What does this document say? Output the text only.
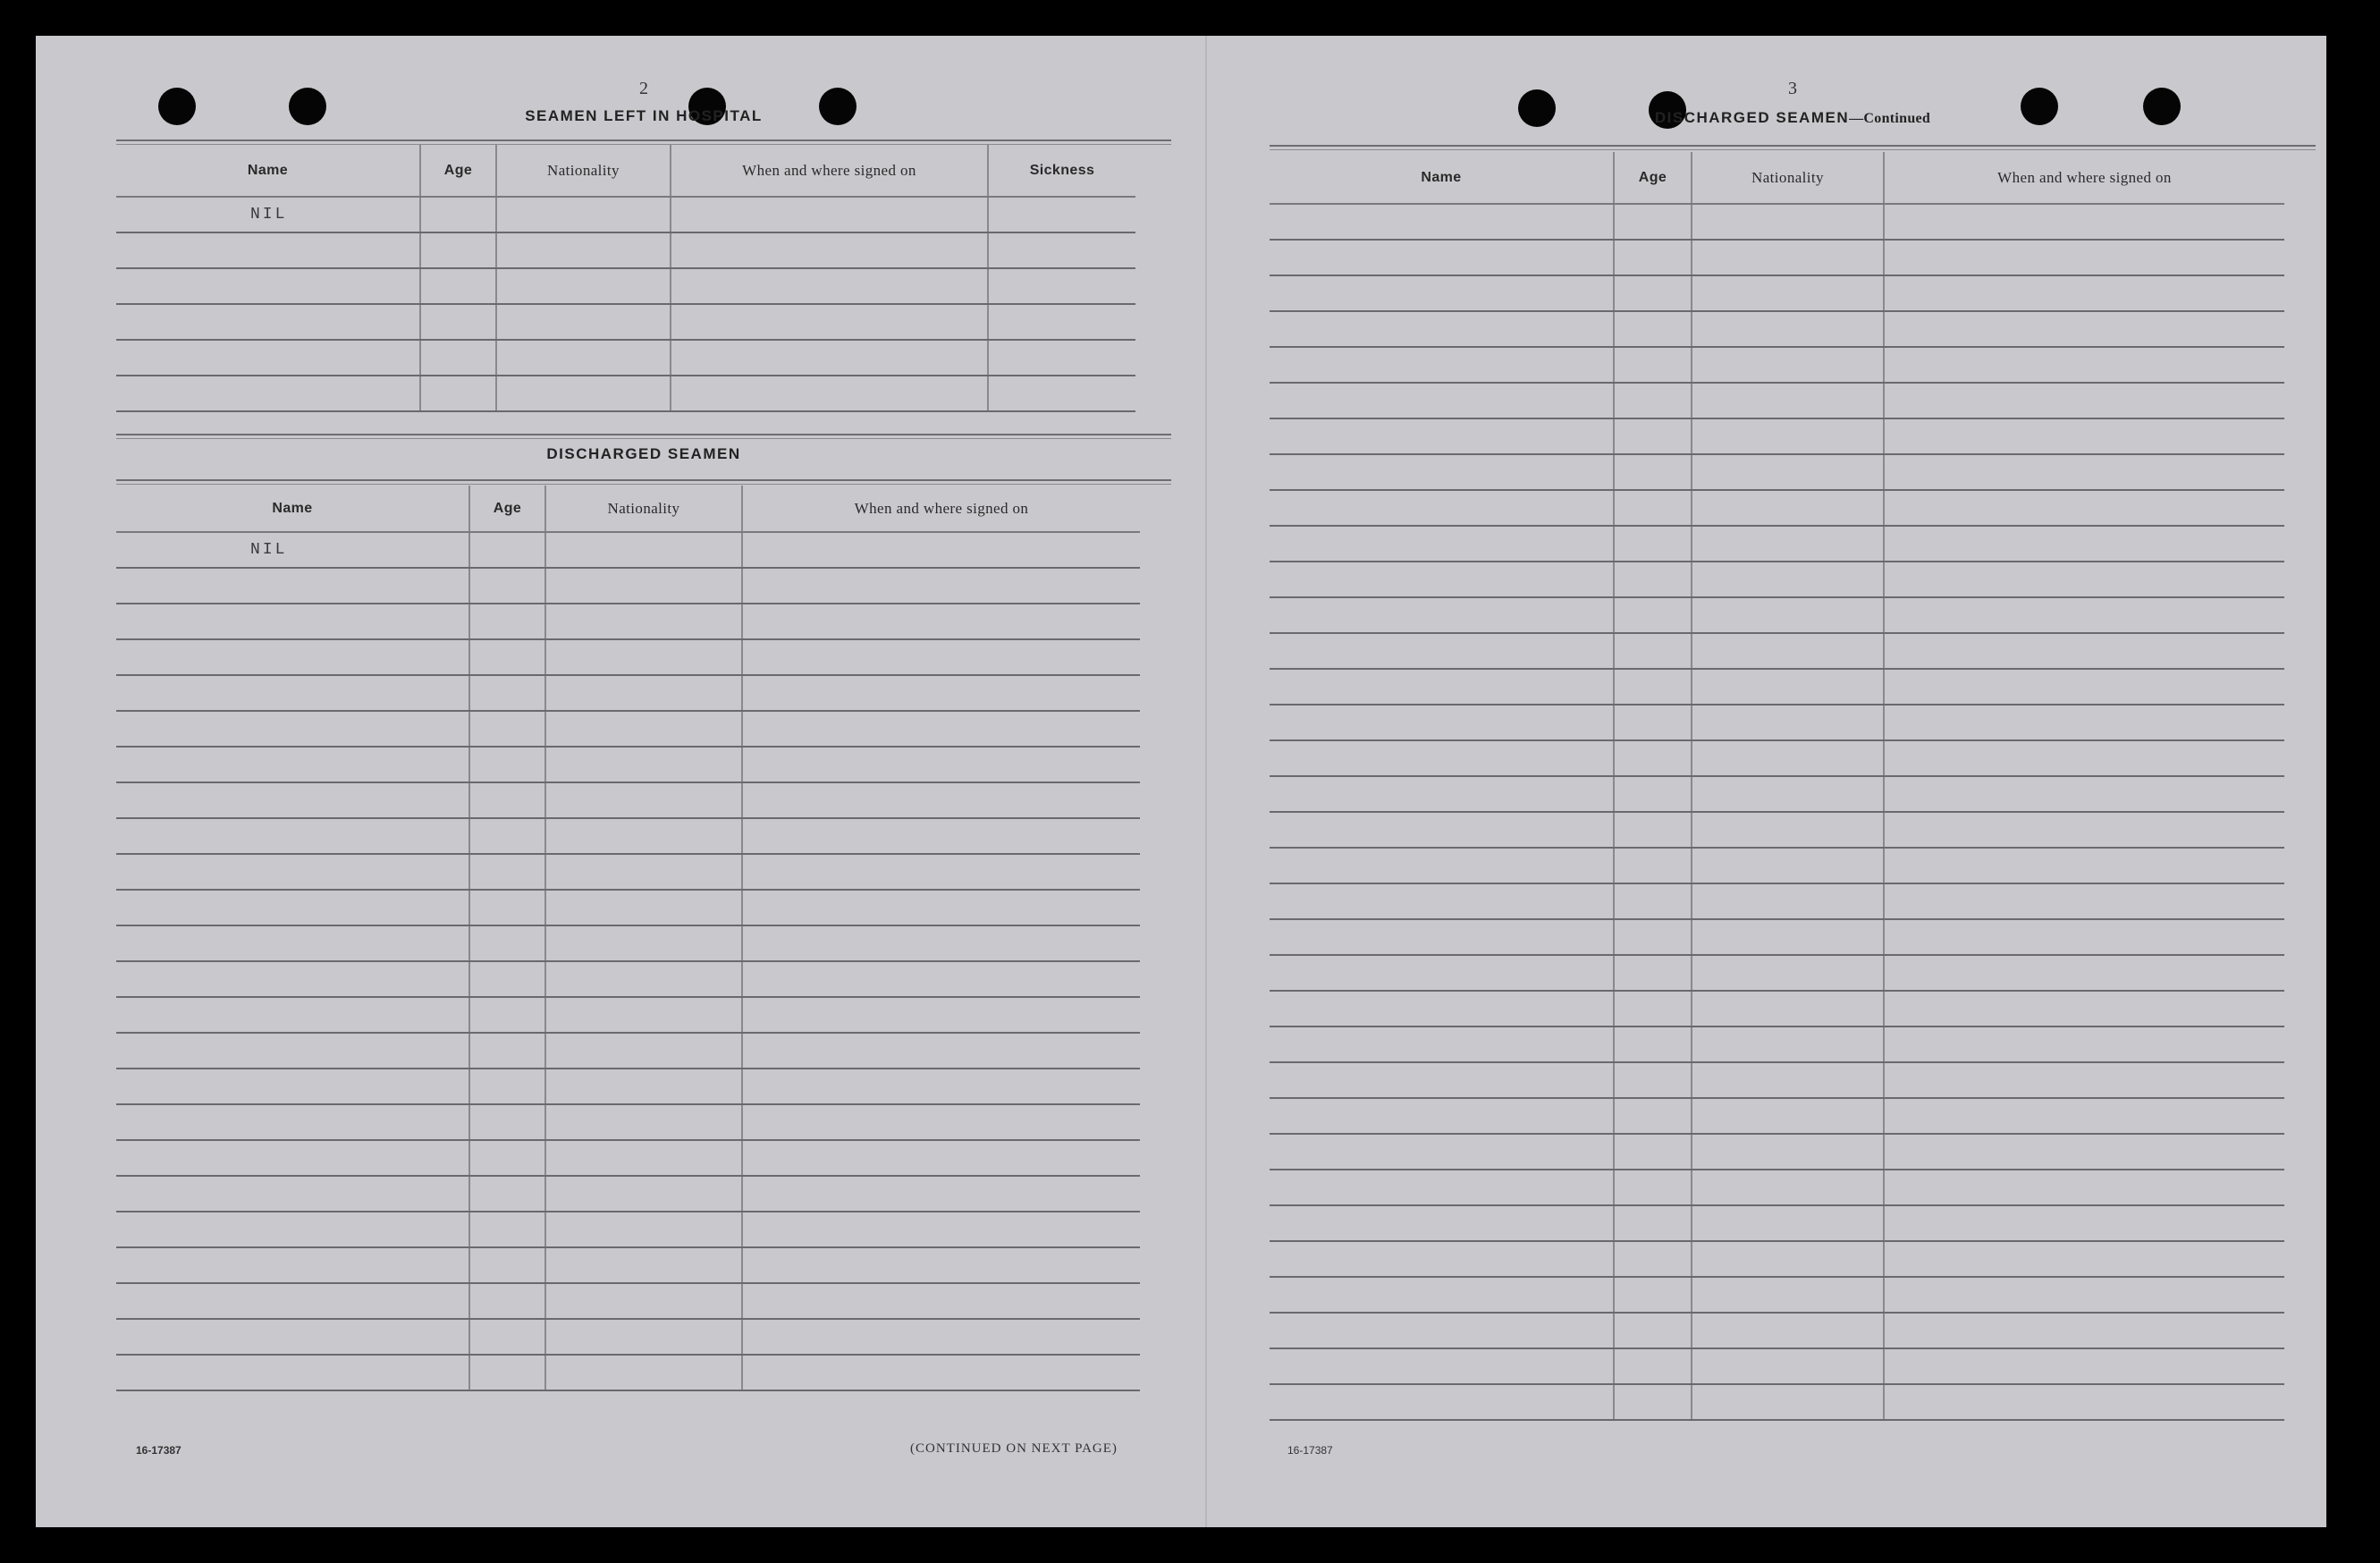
2
SEAMEN LEFT IN HOSPITAL
Name	Age	Nationality	When and where signed on	Sickness
NIL				

DISCHARGED SEAMEN
Name	Age	Nationality	When and where signed on
NIL			

16-17387	(CONTINUED ON NEXT PAGE)
3
DISCHARGED SEAMEN—Continued
Name	Age	Nationality	When and where signed on

16-17387
